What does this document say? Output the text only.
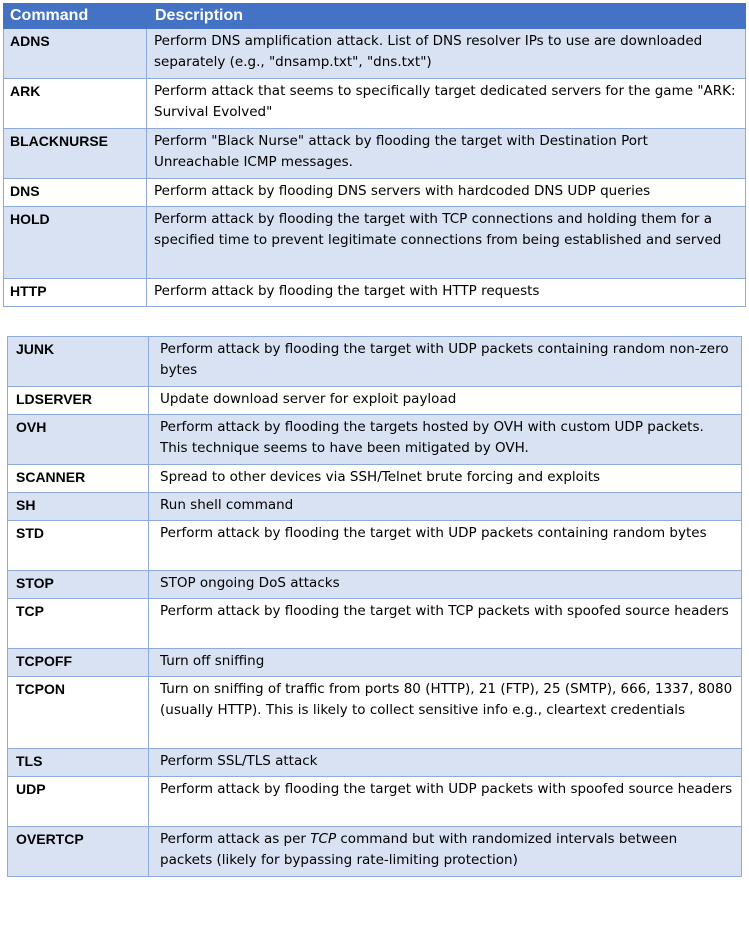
Command	Description
ADNS	Perform DNS amplification attack. List of DNS resolver IPs to use are downloaded separately (e.g., "dnsamp.txt", "dns.txt")
ARK	Perform attack that seems to specifically target dedicated servers for the game "ARK: Survival Evolved"
BLACKNURSE	Perform "Black Nurse" attack by flooding the target with Destination Port Unreachable ICMP messages.
DNS	Perform attack by flooding DNS servers with hardcoded DNS UDP queries
HOLD	Perform attack by flooding the target with TCP connections and holding them for a specified time to prevent legitimate connections from being established and served
HTTP	Perform attack by flooding the target with HTTP requests
JUNK	Perform attack by flooding the target with UDP packets containing random non-zero bytes
LDSERVER	Update download server for exploit payload
OVH	Perform attack by flooding the targets hosted by OVH with custom UDP packets. This technique seems to have been mitigated by OVH.
SCANNER	Spread to other devices via SSH/Telnet brute forcing and exploits
SH	Run shell command
STD	Perform attack by flooding the target with UDP packets containing random bytes
STOP	STOP ongoing DoS attacks
TCP	Perform attack by flooding the target with TCP packets with spoofed source headers
TCPOFF	Turn off sniffing
TCPON	Turn on sniffing of traffic from ports 80 (HTTP), 21 (FTP), 25 (SMTP), 666, 1337, 8080 (usually HTTP). This is likely to collect sensitive info e.g., cleartext credentials
TLS	Perform SSL/TLS attack
UDP	Perform attack by flooding the target with UDP packets with spoofed source headers
OVERTCP	Perform attack as per TCP command but with randomized intervals between packets (likely for bypassing rate-limiting protection)
